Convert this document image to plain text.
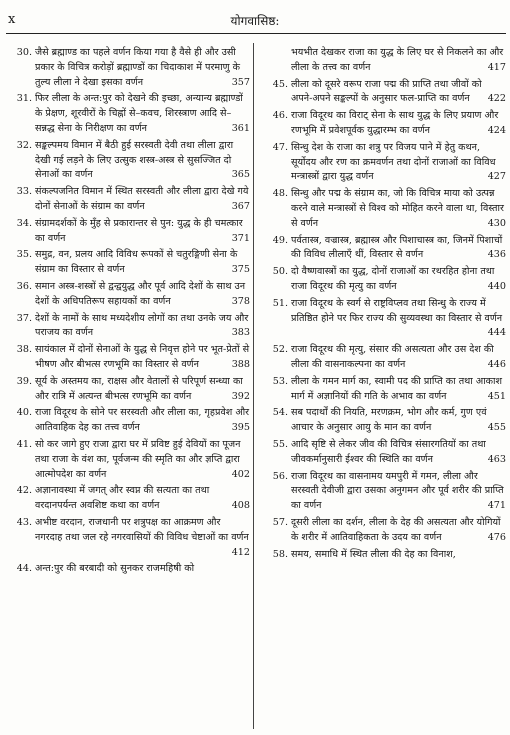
x	योगवासिष्ठ:
30. जैसे ब्रह्माण्ड का पहले वर्णन किया गया है वैसे ही और उसी प्रकार के विचित्र करोड़ों ब्रह्माण्डों का चिदाकाश में परमाणु के तुल्य लीला ने देखा इसका वर्णन	357
31. फिर लीला के अन्त:पुर को देखने की इच्छा, अन्यान्य ब्रह्माण्डों के प्रेक्षण, शूरवीरों के चिह्नों से–कवच, शिरस्त्राण आदि से–सन्नद्ध सेना के निरीक्षण का वर्णन	361
32. सङ्कल्पमय विमान में बैठी हुई सरस्वती देवी तथा लीला द्वारा देखी गई लड़ने के लिए उत्सुक शस्त्र-अस्त्र से सुसज्जित दो सेनाओं का वर्णन	365
33. संकल्पजनित विमान में स्थित सरस्वती और लीला द्वारा देखे गये दोनों सेनाओं के संग्राम का वर्णन	367
34. संग्रामदर्शकों के मुँह से प्रकारान्तर से पुन: युद्ध के ही चमत्कार का वर्णन	371
35. समुद्र, वन, प्रलय आदि विविध रूपकों से चतुरङ्गिणी सेना के संग्राम का विस्तार से वर्णन	375
36. समान अस्त्र-शस्त्रों से द्वन्द्वयुद्ध और पूर्व आदि देशों के साथ उन देशों के अधिपतिरूप सहायकों का वर्णन	378
37. देशों के नामों के साथ मध्यदेशीय लोगों का तथा उनके जय और पराजय का वर्णन	383
38. सायंकाल में दोनों सेनाओं के युद्ध से निवृत्त होने पर भूत-प्रेतों से भीषण और बीभत्स रणभूमि का विस्तार से वर्णन	388
39. सूर्य के अस्तमय का, राक्षस और वेतालों से परिपूर्ण सन्ध्या का और रात्रि में अत्यन्त बीभत्स रणभूमि का वर्णन	392
40. राजा विदूरथ के सोने पर सरस्वती और लीला का, गृहप्रवेश और आतिवाहिक देह का तत्त्व वर्णन	395
41. सो कर जागे हुए राजा द्वारा घर में प्रविष्ट हुई देवियों का पूजन तथा राजा के वंश का, पूर्वजन्म की स्मृति का और ज्ञप्ति द्वारा आत्मोपदेश का वर्णन	402
42. अज्ञानावस्था में जगत् और स्वप्न की सत्यता का तथा वरदानपर्यन्त अवशिष्ट कथा का वर्णन	408
43. अभीष्ट वरदान, राजधानी पर शत्रुपक्ष का आक्रमण और नगरदाह तथा जल रहे नगरवासियों की विविध चेष्टाओं का वर्णन
412
44. अन्त:पुर की बरबादी को सुनकर राजमहिषी को
भयभीत देखकर राजा का युद्ध के लिए घर से निकलने का और लीला के तत्त्व का वर्णन	417
45. लीला को दूसरे वरूप राजा पद्म की प्राप्ति तथा जीवों को अपने-अपने सङ्कल्पों के अनुसार फल-प्राप्ति का वर्णन 422
46. राजा विदूरथ का विराट् सेना के साथ युद्ध के लिए प्रयाण और रणभूमि में प्रवेशपूर्वक युद्धारम्भ का वर्णन	424
47. सिन्धु देश के राजा का शत्रु पर विजय पाने में हेतु कथन, सूर्योदय और रण का क्रमवर्णन तथा दोनों राजाओं का विविध मन्त्रास्त्रों द्वारा युद्ध वर्णन	427
48. सिन्धु और पद्म के संग्राम का, जो कि विचित्र माया को उत्पन्न करने वाले मन्त्रास्त्रों से विश्व को मोहित करने वाला था, विस्तार से वर्णन	430
49. पर्वतास्त्र, वज्रास्त्र, ब्रह्मास्त्र और पिशाचास्त्र का, जिनमें पिशाचों की विविध लीलाएँ थीं, विस्तार से वर्णन	436
50. दो वैष्णवास्त्रों का युद्ध, दोनों राजाओं का रथरहित होना तथा राजा विदूरथ की मृत्यु का वर्णन	440
51. राजा विदूरथ के स्वर्ग से राष्ट्रविप्लव तथा सिन्धु के राज्य में प्रतिष्ठित होने पर फिर राज्य की सुव्यवस्था का विस्तार से वर्णन
444
52. राजा विदूरथ की मृत्यु, संसार की असत्यता और उस देश की लीला की वासनाकल्पना का वर्णन	446
53. लीला के गमन मार्ग का, स्वामी पद की प्राप्ति का तथा आकाश मार्ग में अज्ञानियों की गति के अभाव का वर्णन	451
54. सब पदार्थों की नियति, मरणक्रम, भोग और कर्म, गुण एवं आचार के अनुसार आयु के मान का वर्णन	455
55. आदि सृष्टि से लेकर जीव की विचित्र संसारगतियों का तथा जीवकर्मानुसारी ईश्वर की स्थिति का वर्णन	463
56. राजा विदूरथ का वासनामय यमपुरी में गमन, लीला और सरस्वती देवीजी द्वारा उसका अनुगमन और पूर्व शरीर की प्राप्ति का वर्णन	471
57. दूसरी लीला का दर्शन, लीला के देह की असत्यता और योगियों के शरीर में आतिवाहिकता के उदय का वर्णन	476
58. समय, समाधि में स्थित लीला की देह का विनाश,
